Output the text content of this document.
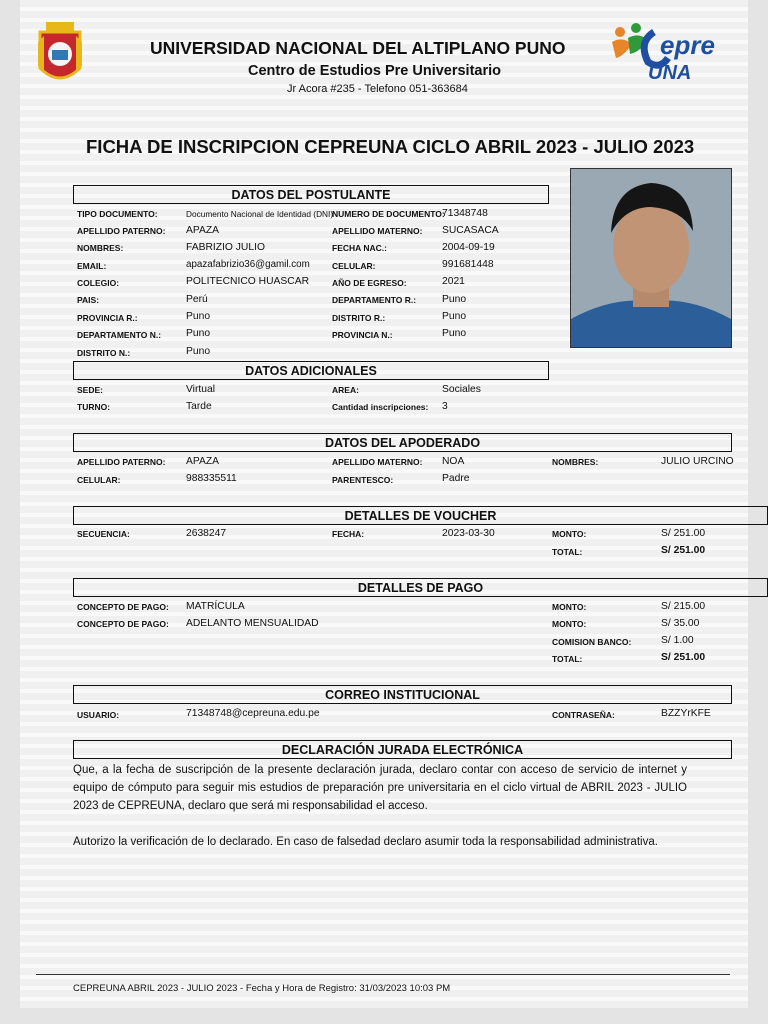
UNIVERSIDAD NACIONAL DEL ALTIPLANO PUNO
Centro de Estudios Pre Universitario
Jr Acora #235 - Telefono 051-363684
epre
UNA
FICHA DE INSCRIPCION CEPREUNA CICLO ABRIL 2023 - JULIO 2023
DATOS DEL POSTULANTE
TIPO DOCUMENTO:	Documento Nacional de Identidad (DNI)
NUMERO DE DOCUMENTO:
71348748
APELLIDO PATERNO: APAZA	APELLIDO MATERNO: SUCASACA
NOMBRES:	FABRIZIO JULIO	FECHA NAC.:	2004-09-19
EMAIL:	apazafabrizio36@gamil.com	CELULAR:	991681448
COLEGIO:	POLITECNICO HUASCAR	AÑO DE EGRESO:	2021
PAIS:	Perú	DEPARTAMENTO R.:	Puno
PROVINCIA R.:	Puno	DISTRITO R.:	Puno
DEPARTAMENTO N.: Puno	PROVINCIA N.:	Puno
DISTRITO N.:	Puno
DATOS ADICIONALES
SEDE:	Virtual	AREA:	Sociales
TURNO:	Tarde	Cantidad inscripciones: 3
DATOS DEL APODERADO
APELLIDO PATERNO: APAZA	APELLIDO MATERNO: NOA	NOMBRES:	JULIO URCINO
CELULAR:	988335511	PARENTESCO:	Padre
DETALLES DE VOUCHER
SECUENCIA:	2638247	FECHA:	2023-03-30	MONTO:	S/ 251.00
TOTAL:	S/ 251.00
DETALLES DE PAGO
CONCEPTO DE PAGO: MATRÍCULA	MONTO:	S/ 215.00
CONCEPTO DE PAGO: ADELANTO MENSUALIDAD	MONTO:	S/ 35.00
COMISION BANCO:	S/ 1.00
TOTAL:	S/ 251.00
CORREO INSTITUCIONAL
USUARIO:	71348748@cepreuna.edu.pe	CONTRASEÑA:	BZZYrKFE
DECLARACIÓN JURADA ELECTRÓNICA
Que, a la fecha de suscripción de la presente declaración jurada, declaro contar con acceso de servicio de internet y equipo de cómputo para seguir mis estudios de preparación pre universitaria en el ciclo virtual de ABRIL 2023 - JULIO 2023 de CEPREUNA, declaro que será mi responsabilidad el acceso.
Autorizo la verificación de lo declarado. En caso de falsedad declaro asumir toda la responsabilidad administrativa.
CEPREUNA ABRIL 2023 - JULIO 2023 - Fecha y Hora de Registro: 31/03/2023 10:03 PM
